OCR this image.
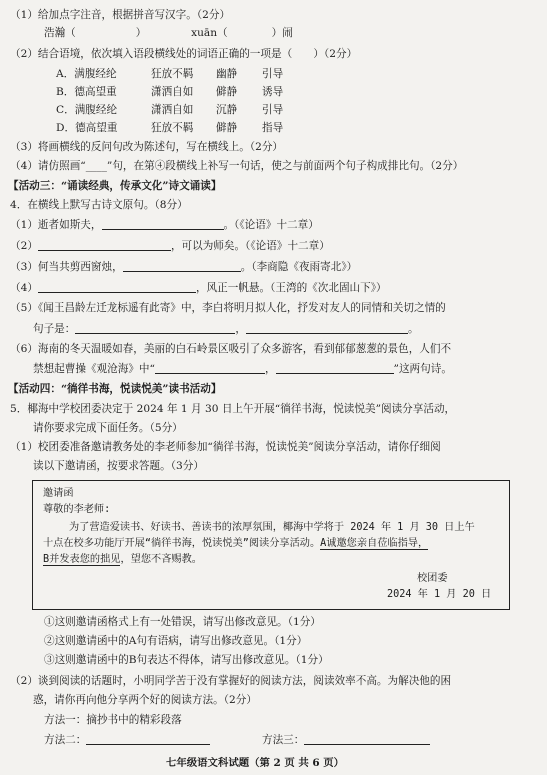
（1）给加点字注音，根据拼音写汉字。（2分）
浩瀚（	）	xuān（	）闹
（2）结合语境，依次填入语段横线处的词语正确的一项是（　　）（2分）
A．满腹经纶	狂放不羁 幽静 引导
B．德高望重	潇洒自如 僻静 诱导
C．满腹经纶	潇洒自如 沉静 引导
D．德高望重	狂放不羁 僻静 指导
（3）将画横线的反问句改为陈述句，写在横线上。（2分）
（4）请仿照画“____”句，在第④段横线上补写一句话，使之与前面两个句子构成排比句。（2分）
【活动三：“诵读经典，传承文化”诗文诵读】
4．在横线上默写古诗文原句。（8分）
（1）逝者如斯夫，	。（《论语》十二章）
（2）	，可以为师矣。（《论语》十二章）
（3）何当共剪西窗烛，	。（李商隐《夜雨寄北》）
（4）	，风正一帆悬。（王湾的《次北固山下》）
（5）《闻王昌龄左迁龙标遥有此寄》中，李白将明月拟人化，抒发对友人的同情和关切之情的
句子是：	，	。
（6）海南的冬天温暖如春，美丽的白石岭景区吸引了众多游客，看到郁郁葱葱的景色，人们不
禁想起曹操《观沧海》中“	，	”这两句诗。
【活动四：“徜徉书海，悦读悦美”读书活动】
5．椰海中学校团委决定于 2024 年 1 月 30 日上午开展“徜徉书海，悦读悦美”阅读分享活动，
请你要求完成下面任务。（5分）
（1）校团委准备邀请教务处的李老师参加“徜徉书海，悦读悦美”阅读分享活动，请你仔细阅
读以下邀请函，按要求答题。（3分）
邀请函
尊敬的李老师:
为了营造爱读书、好读书、善读书的浓厚氛围，椰海中学将于 2024 年 1 月 30 日上午
十点在校多功能厅开展“徜徉书海，悦读悦美”阅读分享活动。A诚邀您亲自莅临指导，
B并发表您的拙见，望您不吝赐教。
校团委
2024 年 1 月 20 日
①这则邀请函格式上有一处错误，请写出修改意见。（1分）
②这则邀请函中的A句有语病，请写出修改意见。（1分）
③这则邀请函中的B句表达不得体，请写出修改意见。（1分）
（2）谈到阅读的话题时，小明同学苦于没有掌握好的阅读方法，阅读效率不高。为解决他的困
惑，请你再向他分享两个好的阅读方法。（2分）
方法一：摘抄书中的精彩段落
方法二：	方法三：
七年级语文科试题（第 2 页 共 6 页）
